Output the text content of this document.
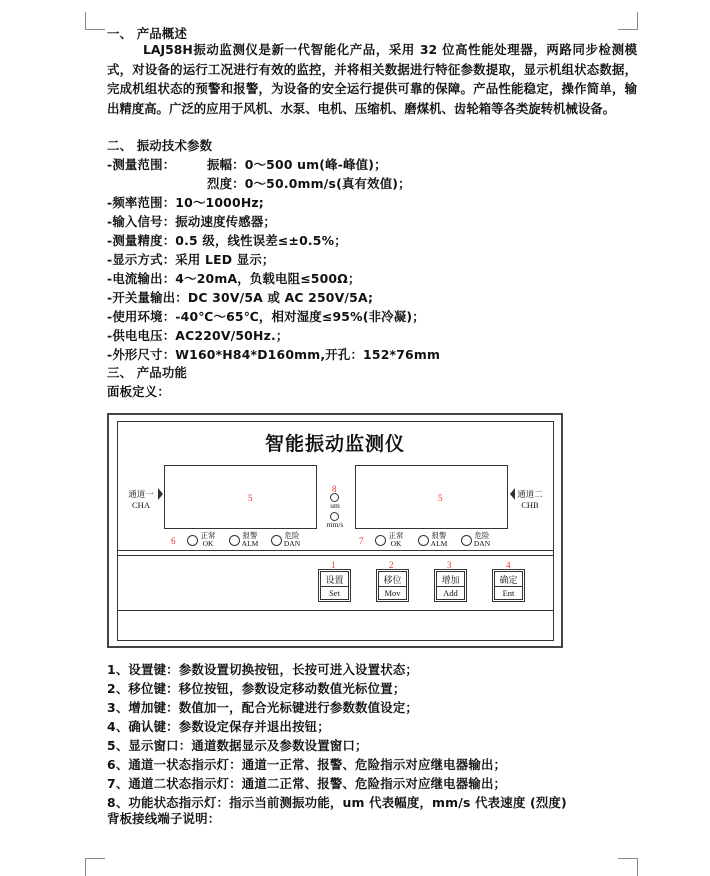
一、 产品概述
LAJ58H振动监测仪是新一代智能化产品，采用 32 位高性能处理器，两路同步检测模式，对设备的运行工况进行有效的监控，并将相关数据进行特征参数提取，显示机组状态数据，完成机组状态的预警和报警，为设备的安全运行提供可靠的保障。产品性能稳定，操作简单，输出精度高。广泛的应用于风机、水泵、电机、压缩机、磨煤机、齿轮箱等各类旋转机械设备。
二、 振动技术参数
-测量范围：	振幅：0～500 um(峰-峰值)；
烈度：0～50.0mm/s(真有效值)；
-频率范围：10～1000Hz;
-输入信号：振动速度传感器；
-测量精度：0.5 级，线性误差≤±0.5%；
-显示方式：采用 LED 显示；
-电流输出：4～20mA，负载电阻≤500Ω；
-开关量输出：DC 30V/5A 或 AC 250V/5A;
-使用环境：-40℃～65℃，相对湿度≤95%(非冷凝)；
-供电电压：AC220V/50Hz.；
-外形尺寸：W160*H84*D160mm,开孔：152*76mm
三、 产品功能
面板定义：
智能振动监测仪
5	5
通道一
CHA
通道二
CHB
8
um
mm/s
6
正常
OK
报警
ALM
危险
DAN	7
正常
OK
报警
ALM
危险
DAN
1
设置
Set
2
移位
Mov
3
增加
Add
4
确定
Ent
1、设置键：参数设置切换按钮，长按可进入设置状态；
2、移位键：移位按钮，参数设定移动数值光标位置；
3、增加键：数值加一，配合光标键进行参数数值设定；
4、确认键：参数设定保存并退出按钮；
5、显示窗口：通道数据显示及参数设置窗口；
6、通道一状态指示灯：通道一正常、报警、危险指示对应继电器输出；
7、通道二状态指示灯：通道二正常、报警、危险指示对应继电器输出；
8、功能状态指示灯：指示当前测振功能，um 代表幅度，mm/s 代表速度 (烈度)
背板接线端子说明：
